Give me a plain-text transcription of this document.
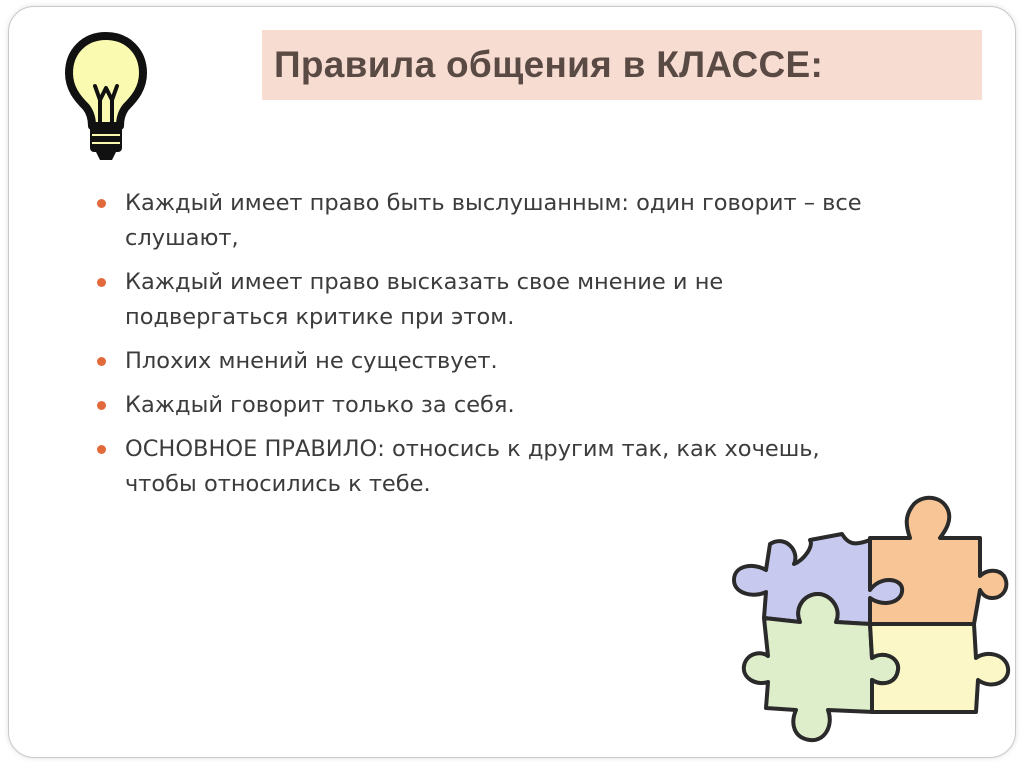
Правила общения в КЛАССЕ:
Каждый имеет право быть выслушанным: один говорит – все слушают,
Каждый имеет право высказать свое мнение и не подвергаться критике при этом.
Плохих мнений не существует.
Каждый говорит только за себя.
ОСНОВНОЕ ПРАВИЛО: относись к другим так, как хочешь, чтобы относились к тебе.
